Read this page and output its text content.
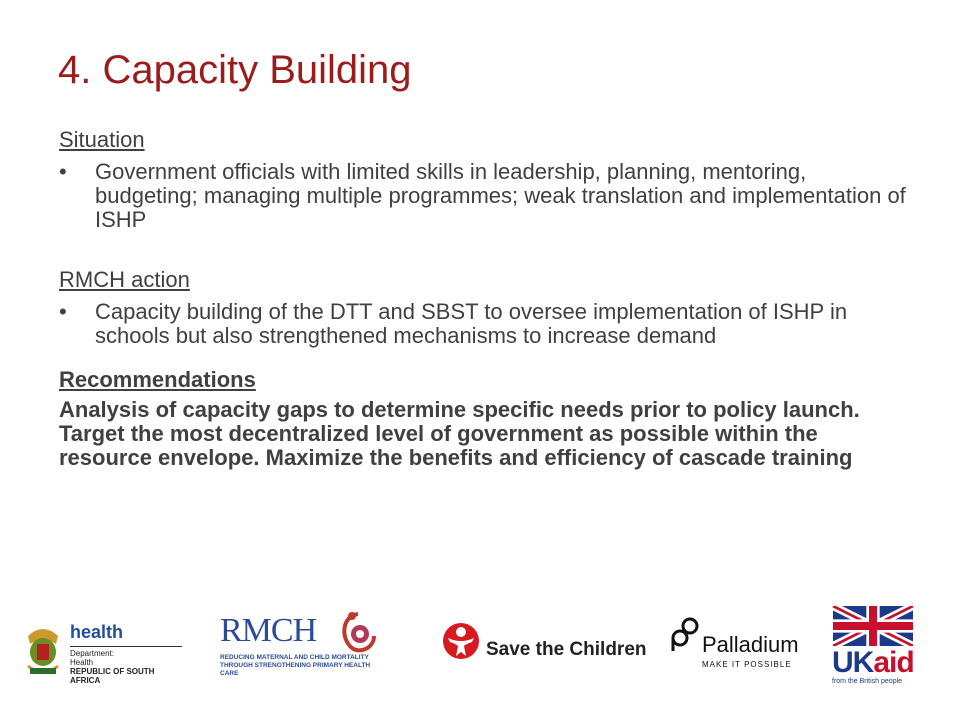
4. Capacity Building

Situation

• Government officials with limited skills in leadership, planning, mentoring, budgeting; managing multiple programmes; weak translation and implementation of ISHP

RMCH action

• Capacity building of the DTT and SBST to oversee implementation of ISHP in schools but also strengthened mechanisms to increase demand

Recommendations

Analysis of capacity gaps to determine specific needs prior to policy launch. Target the most decentralized level of government as possible within the resource envelope. Maximize the benefits and efficiency of cascade training

health
Department:
Health
REPUBLIC OF SOUTH AFRICA
RMCH
REDUCING MATERNAL AND CHILD MORTALITY
THROUGH STRENGTHENING PRIMARY HEALTH CARE
Save the Children	Palladium
MAKE IT POSSIBLE UKaid
from the British people
